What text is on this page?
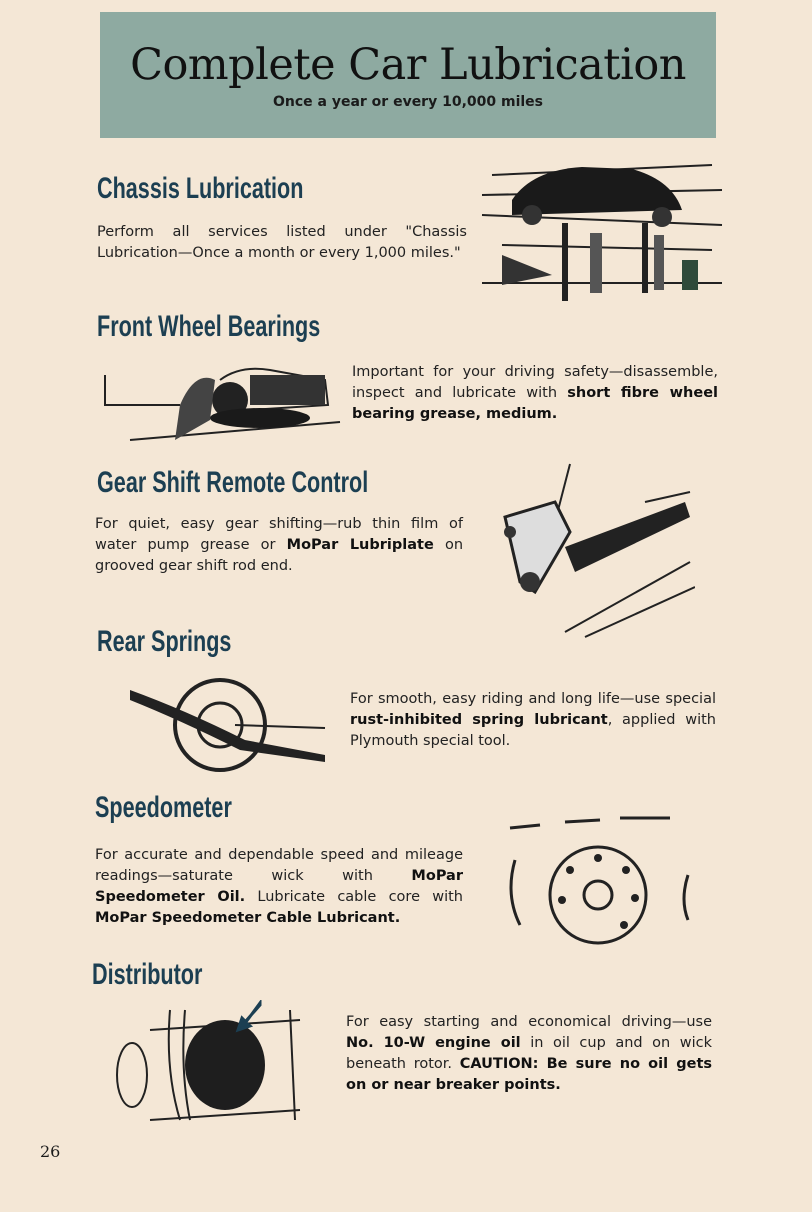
Complete Car Lubrication
Once a year or every 10,000 miles
Chassis Lubrication

Perform all services listed under "Chassis Lubrication—Once a month or every 1,000 miles."

Front Wheel Bearings

Important for your driving safety—disassemble, inspect and lubricate with short fibre wheel bearing grease, medium.

Gear Shift Remote Control

For quiet, easy gear shifting—rub thin film of water pump grease or MoPar Lubriplate on grooved gear shift rod end.

Rear Springs

For smooth, easy riding and long life—use special rust-inhibited spring lubricant, applied with Plymouth special tool.

Speedometer

For accurate and dependable speed and mileage readings—saturate wick with MoPar Speedometer Oil. Lubricate cable core with MoPar Speedometer Cable Lubricant.

Distributor

For easy starting and economical driving—use No. 10-W engine oil in oil cup and on wick beneath rotor. CAUTION: Be sure no oil gets on or near breaker points.

26
